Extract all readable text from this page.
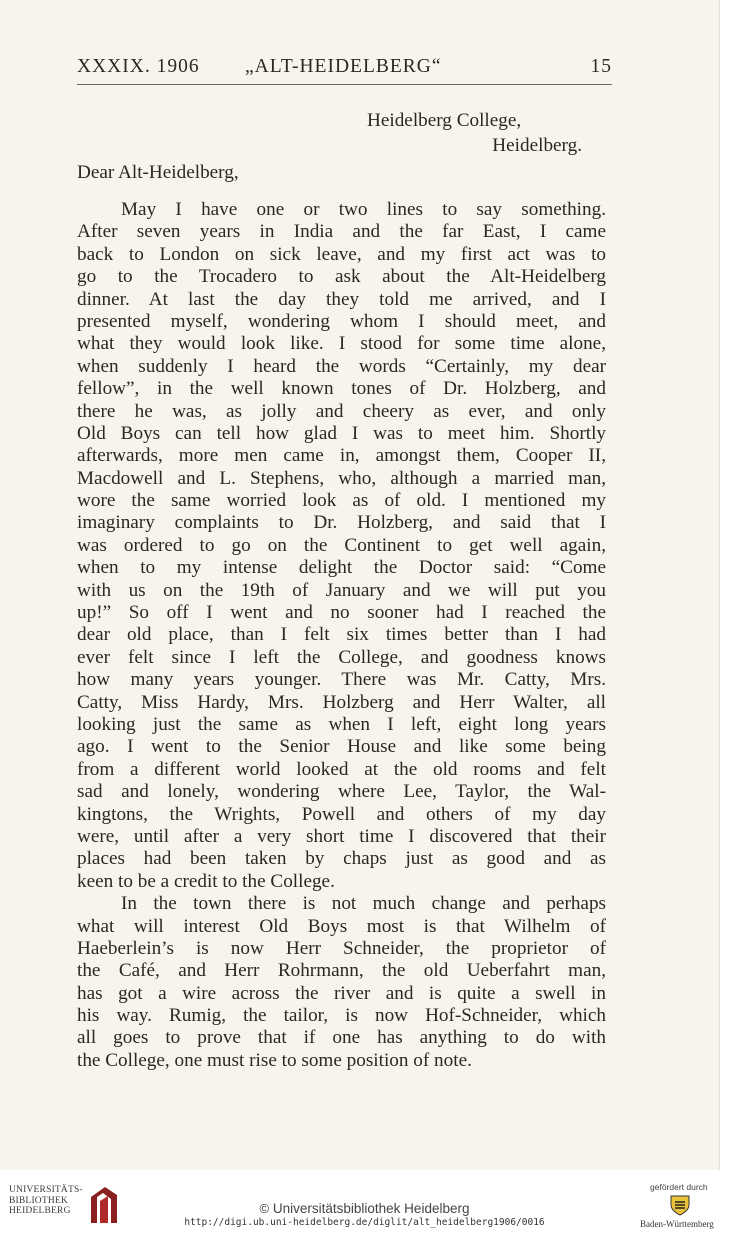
XXXIX. 1906 „ALT-HEIDELBERG“	15
Heidelberg College,
Heidelberg.
Dear Alt-Heidelberg,
May I have one or two lines to say something.
After seven years in India and the far East, I came
back to London on sick leave, and my first act was to
go to the Trocadero to ask about the Alt-Heidelberg
dinner. At last the day they told me arrived, and I
presented myself, wondering whom I should meet, and
what they would look like. I stood for some time alone,
when suddenly I heard the words “Certainly, my dear
fellow”, in the well known tones of Dr. Holzberg, and
there he was, as jolly and cheery as ever, and only
Old Boys can tell how glad I was to meet him. Shortly
afterwards, more men came in, amongst them, Cooper II,
Macdowell and L. Stephens, who, although a married man,
wore the same worried look as of old. I mentioned my
imaginary complaints to Dr. Holzberg, and said that I
was ordered to go on the Continent to get well again,
when to my intense delight the Doctor said: “Come
with us on the 19th of January and we will put you
up!” So off I went and no sooner had I reached the
dear old place, than I felt six times better than I had
ever felt since I left the College, and goodness knows
how many years younger. There was Mr. Catty, Mrs.
Catty, Miss Hardy, Mrs. Holzberg and Herr Walter, all
looking just the same as when I left, eight long years
ago. I went to the Senior House and like some being
from a different world looked at the old rooms and felt
sad and lonely, wondering where Lee, Taylor, the Wal-
kingtons, the Wrights, Powell and others of my day
were, until after a very short time I discovered that their
places had been taken by chaps just as good and as
keen to be a credit to the College.
In the town there is not much change and perhaps
what will interest Old Boys most is that Wilhelm of
Haeberlein’s is now Herr Schneider, the proprietor of
the Café, and Herr Rohrmann, the old Ueberfahrt man,
has got a wire across the river and is quite a swell in
his way. Rumig, the tailor, is now Hof-Schneider, which
all goes to prove that if one has anything to do with
the College, one must rise to some position of note.
UNIVERSITÄTS-
BIBLIOTHEK
HEIDELBERG	© Universitätsbibliothek Heidelberg
http://digi.ub.uni-heidelberg.de/diglit/alt_heidelberg1906/0016
gefördert durch
Baden-Württemberg
